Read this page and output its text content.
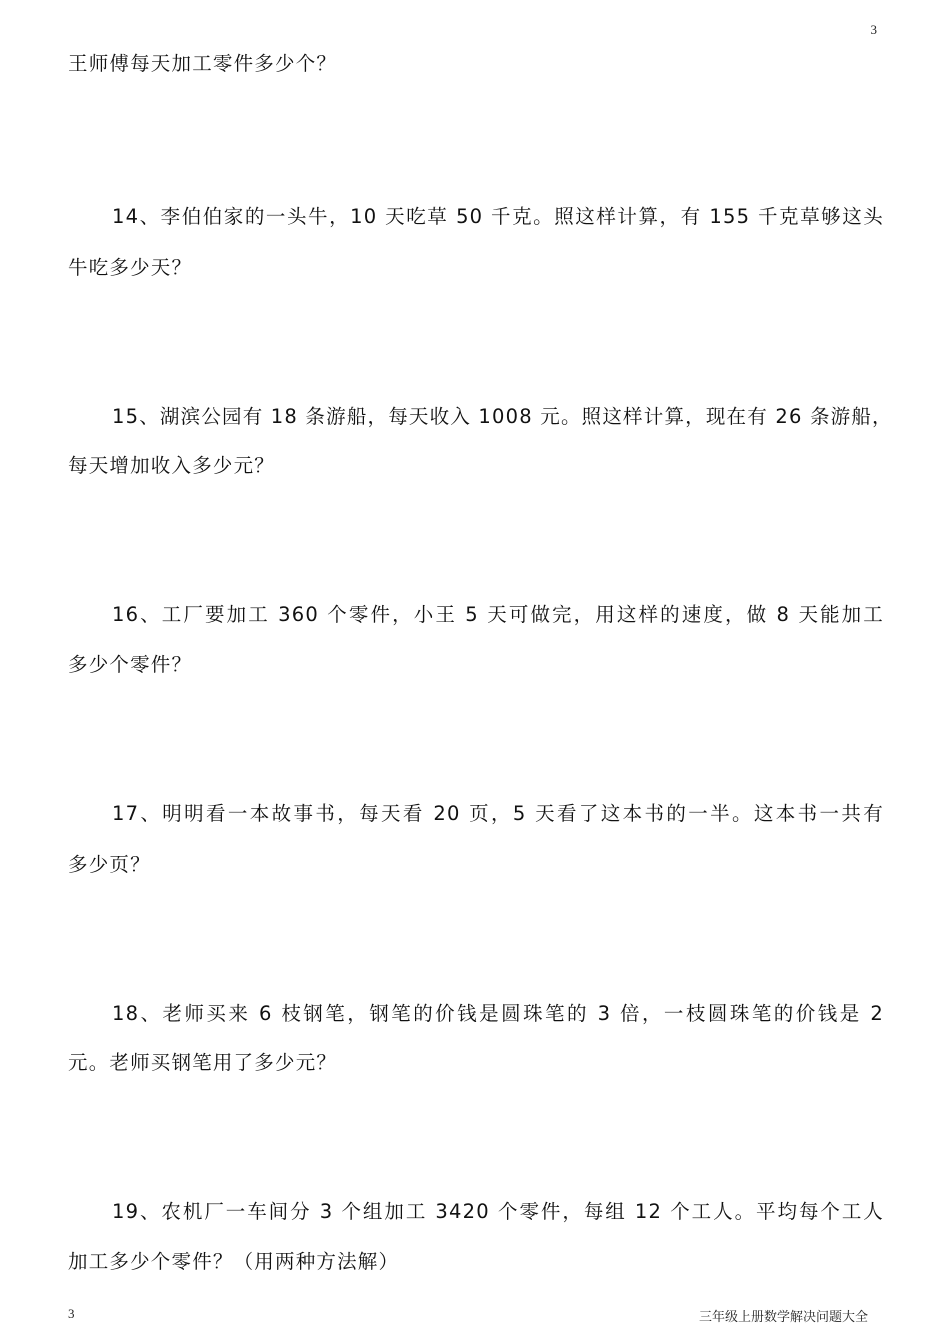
3
王师傅每天加工零件多少个？
14、李伯伯家的一头牛，10 天吃草 50 千克。照这样计算，有 155 千克草够这头
牛吃多少天？
15、湖滨公园有 18 条游船，每天收入 1008 元。照这样计算，现在有 26 条游船，
每天增加收入多少元？
16、工厂要加工 360 个零件，小王 5 天可做完，用这样的速度，做 8 天能加工
多少个零件？
17、明明看一本故事书，每天看 20 页，5 天看了这本书的一半。这本书一共有
多少页？
18、老师买来 6 枝钢笔，钢笔的价钱是圆珠笔的 3 倍，一枝圆珠笔的价钱是 2
元。老师买钢笔用了多少元？
19、农机厂一车间分 3 个组加工 3420 个零件，每组 12 个工人。平均每个工人
加工多少个零件？（用两种方法解）
3	三年级上册数学解决问题大全
